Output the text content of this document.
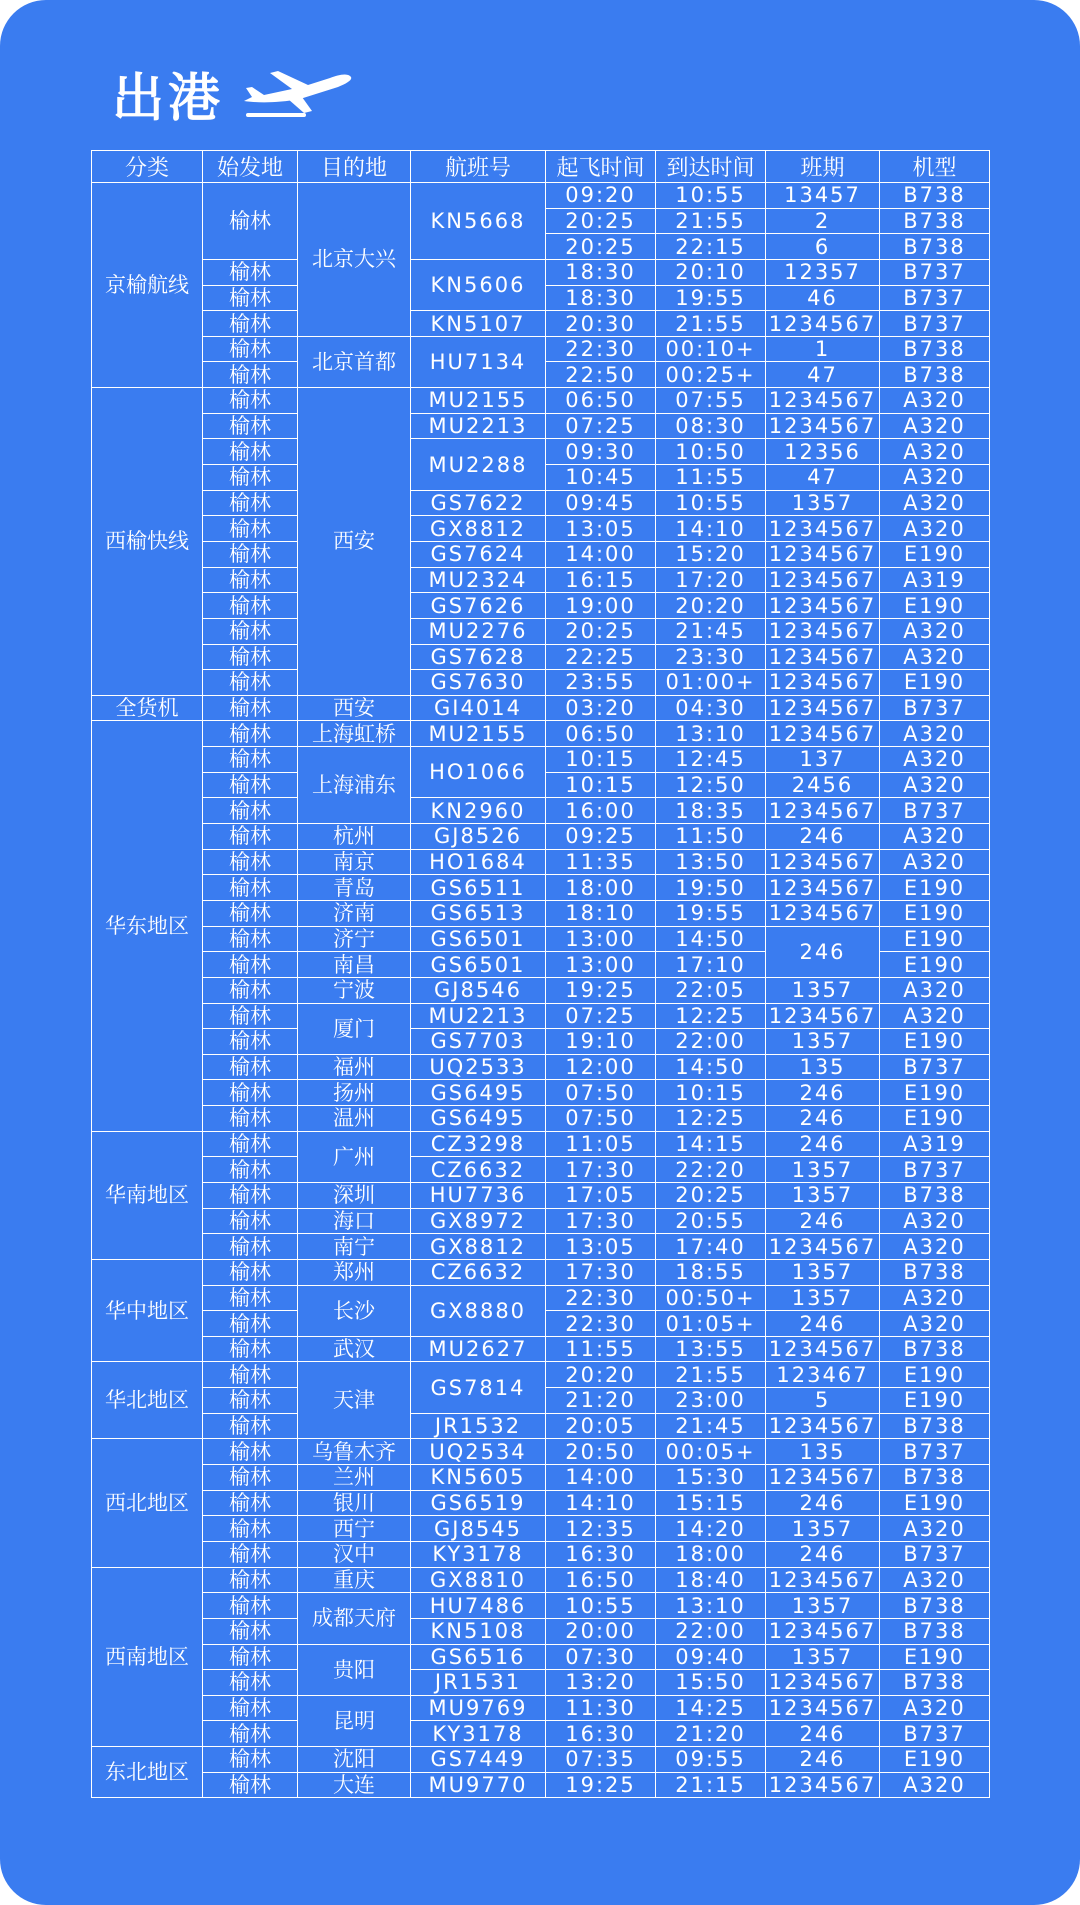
出港
分类	始发地	目的地	航班号	起飞时间	到达时间	班期	机型
京榆航线	榆林	北京大兴	KN5668	09:20	10:55	13457	B738
				20:25	21:55	2	B738
				20:25	22:15	6	B738
	榆林		KN5606	18:30	20:10	12357	B737
	榆林			18:30	19:55	46	B737
	榆林		KN5107	20:30	21:55	1234567	B737
	榆林	北京首都	HU7134	22:30	00:10+	1	B738
	榆林			22:50	00:25+	47	B738
西榆快线	榆林	西安	MU2155	06:50	07:55	1234567	A320
	榆林		MU2213	07:25	08:30	1234567	A320
	榆林		MU2288	09:30	10:50	12356	A320
	榆林			10:45	11:55	47	A320
	榆林		GS7622	09:45	10:55	1357	A320
	榆林		GX8812	13:05	14:10	1234567	A320
	榆林		GS7624	14:00	15:20	1234567	E190
	榆林		MU2324	16:15	17:20	1234567	A319
	榆林		GS7626	19:00	20:20	1234567	E190
	榆林		MU2276	20:25	21:45	1234567	A320
	榆林		GS7628	22:25	23:30	1234567	A320
	榆林		GS7630	23:55	01:00+	1234567	E190
全货机	榆林	西安	GI4014	03:20	04:30	1234567	B737
华东地区	榆林	上海虹桥	MU2155	06:50	13:10	1234567	A320
	榆林	上海浦东	HO1066	10:15	12:45	137	A320
	榆林			10:15	12:50	2456	A320
	榆林		KN2960	16:00	18:35	1234567	B737
	榆林	杭州	GJ8526	09:25	11:50	246	A320
	榆林	南京	HO1684	11:35	13:50	1234567	A320
	榆林	青岛	GS6511	18:00	19:50	1234567	E190
	榆林	济南	GS6513	18:10	19:55	1234567	E190
	榆林	济宁	GS6501	13:00	14:50	246	E190
	榆林	南昌	GS6501	13:00	17:10		E190
	榆林	宁波	GJ8546	19:25	22:05	1357	A320
	榆林	厦门	MU2213	07:25	12:25	1234567	A320
	榆林		GS7703	19:10	22:00	1357	E190
	榆林	福州	UQ2533	12:00	14:50	135	B737
	榆林	扬州	GS6495	07:50	10:15	246	E190
	榆林	温州	GS6495	07:50	12:25	246	E190
华南地区	榆林	广州	CZ3298	11:05	14:15	246	A319
	榆林		CZ6632	17:30	22:20	1357	B737
	榆林	深圳	HU7736	17:05	20:25	1357	B738
	榆林	海口	GX8972	17:30	20:55	246	A320
	榆林	南宁	GX8812	13:05	17:40	1234567	A320
华中地区	榆林	郑州	CZ6632	17:30	18:55	1357	B738
	榆林	长沙	GX8880	22:30	00:50+	1357	A320
	榆林			22:30	01:05+	246	A320
	榆林	武汉	MU2627	11:55	13:55	1234567	B738
华北地区	榆林	天津	GS7814	20:20	21:55	123467	E190
	榆林			21:20	23:00	5	E190
	榆林		JR1532	20:05	21:45	1234567	B738
西北地区	榆林	乌鲁木齐	UQ2534	20:50	00:05+	135	B737
	榆林	兰州	KN5605	14:00	15:30	1234567	B738
	榆林	银川	GS6519	14:10	15:15	246	E190
	榆林	西宁	GJ8545	12:35	14:20	1357	A320
	榆林	汉中	KY3178	16:30	18:00	246	B737
西南地区	榆林	重庆	GX8810	16:50	18:40	1234567	A320
	榆林	成都天府	HU7486	10:55	13:10	1357	B738
	榆林		KN5108	20:00	22:00	1234567	B738
	榆林	贵阳	GS6516	07:30	09:40	1357	E190
	榆林		JR1531	13:20	15:50	1234567	B738
	榆林	昆明	MU9769	11:30	14:25	1234567	A320
	榆林		KY3178	16:30	21:20	246	B737
东北地区	榆林	沈阳	GS7449	07:35	09:55	246	E190
	榆林	大连	MU9770	19:25	21:15	1234567	A320
